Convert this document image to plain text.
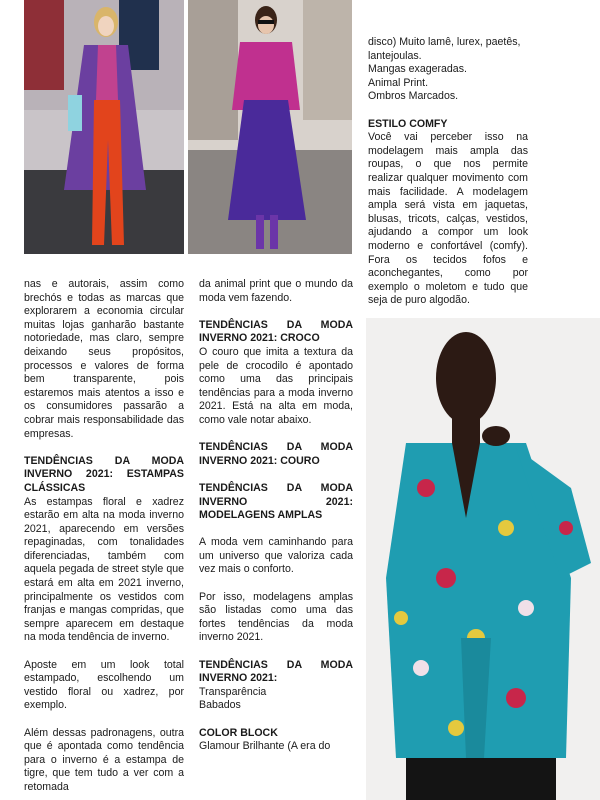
nas e autorais, assim como brechós e todas as marcas que explorarem a economia circular muitas lojas ganharão bastante notoriedade, mas claro, sempre deixando seus propósitos, processos e valores de forma bem transparente, pois estaremos mais atentos a isso e os consumidores passarão a cobrar mais responsabilidade das empresas.

TENDÊNCIAS DA MODA INVERNO 2021: ESTAMPAS CLÁSSICAS

As estampas floral e xadrez estarão em alta na moda inverno 2021, aparecendo em versões repaginadas, com tonalidades diferenciadas, também com aquela pegada de street style que estará em alta em 2021 inverno, principalmente os vestidos com franjas e mangas compridas, que sempre aparecem em destaque na moda tendência de inverno.

Aposte em um look total estampado, escolhendo um vestido floral ou xadrez, por exemplo.

Além dessas padronagens, outra que é apontada como tendência para o inverno é a estampa de tigre, que tem tudo a ver com a retomada

da animal print que o mundo da moda vem fazendo.

TENDÊNCIAS DA MODA INVERNO 2021: CROCO

O couro que imita a textura da pele de crocodilo é apontado como uma das principais tendências para a moda inverno 2021. Está na alta em moda, como vale notar abaixo.

TENDÊNCIAS DA MODA INVERNO 2021: COURO
TENDÊNCIAS DA MODA INVERNO 2021: MODELAGENS AMPLAS

A moda vem caminhando para um universo que valoriza cada vez mais o conforto.

Por isso, modelagens amplas são listadas como uma das fortes tendências da moda inverno 2021.

TENDÊNCIAS DA MODA INVERNO 2021:
Transparência
Babados
COLOR BLOCK

Glamour Brilhante (A era do

disco) Muito lamê, lurex, paetês, lantejoulas.
Mangas exageradas.
Animal Print.
Ombros Marcados.
ESTILO COMFY

Você vai perceber isso na modelagem mais ampla das roupas, o que nos permite realizar qualquer movimento com mais facilidade. A modelagem ampla será vista em jaquetas, blusas, tricots, calças, vestidos, ajudando a compor um look moderno e confortável (comfy). Fora os tecidos fofos e aconchegantes, como por exemplo o moletom e tudo que seja de puro algodão.
